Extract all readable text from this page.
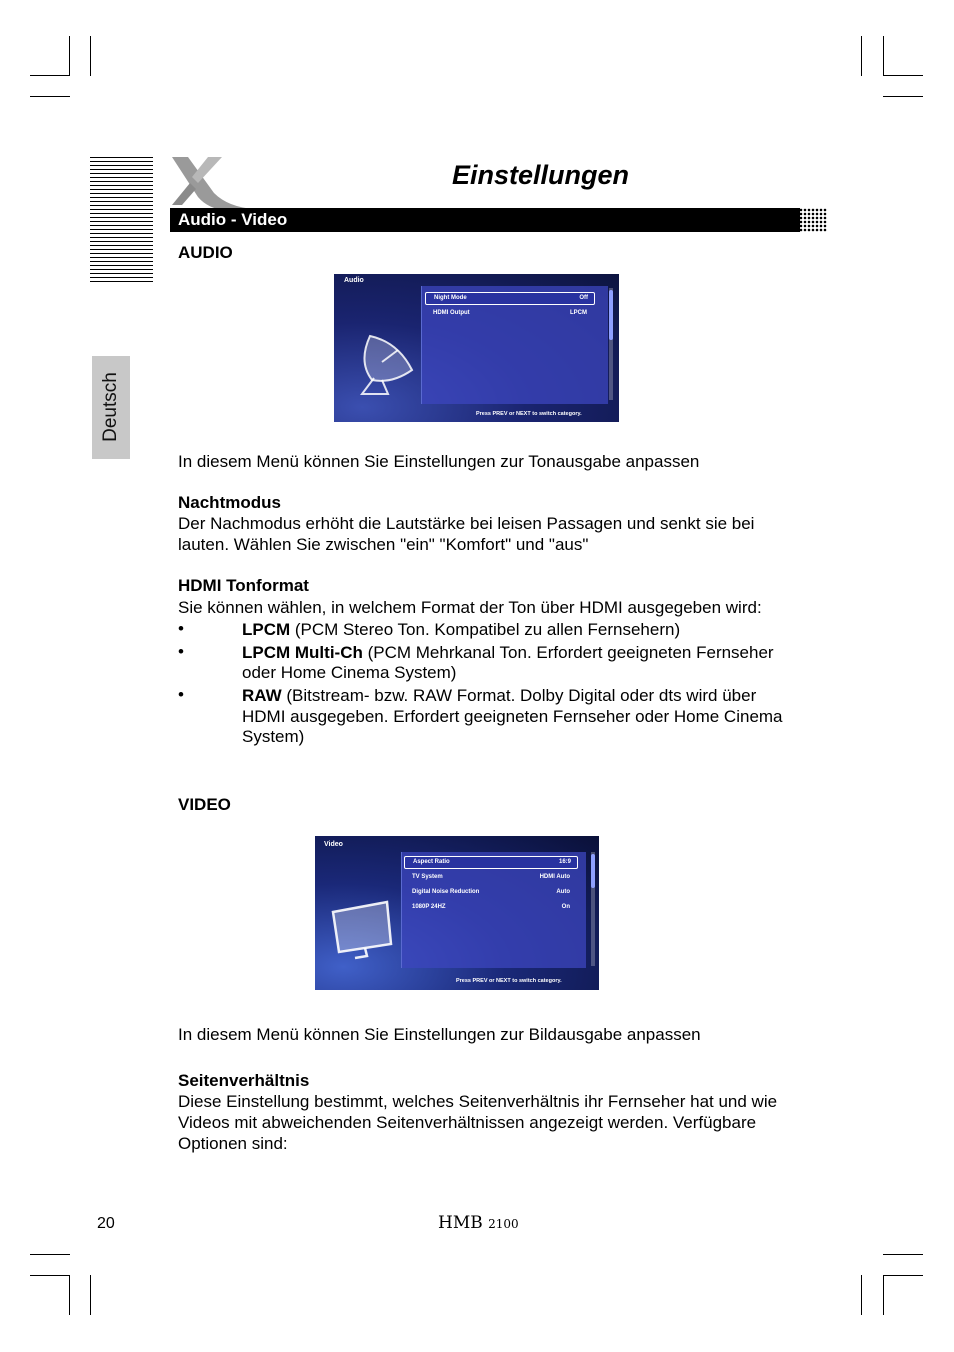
Deutsch
Einstellungen
Audio - Video
AUDIO
Audio
Night Mode	Off
HDMI Output	LPCM
Press PREV or NEXT to switch category.
In diesem Menü können Sie Einstellungen zur Tonausgabe anpassen
Nachtmodus
Der Nachmodus erhöht die Lautstärke bei leisen Passagen und senkt sie bei
lauten. Wählen Sie zwischen "ein" "Komfort" und "aus"
HDMI Tonformat
Sie können wählen, in welchem Format der Ton über HDMI ausgegeben wird:
•	LPCM (PCM Stereo Ton. Kompatibel zu allen Fernsehern)
•	LPCM Multi-Ch (PCM Mehrkanal Ton. Erfordert geeigneten Fernseher
oder Home Cinema System)
•	RAW (Bitstream- bzw. RAW Format. Dolby Digital oder dts wird über
HDMI ausgegeben. Erfordert geeigneten Fernseher oder Home Cinema
System)
VIDEO
Video
Aspect Ratio	16:9
TV System	HDMI Auto
Digital Noise Reduction	Auto
1080P 24HZ	On
Press PREV or NEXT to switch category.
In diesem Menü können Sie Einstellungen zur Bildausgabe anpassen
Seitenverhältnis
Diese Einstellung bestimmt, welches Seitenverhältnis ihr Fernseher hat und wie
Videos mit abweichenden Seitenverhältnissen angezeigt werden. Verfügbare
Optionen sind:
20	HMB 2100
